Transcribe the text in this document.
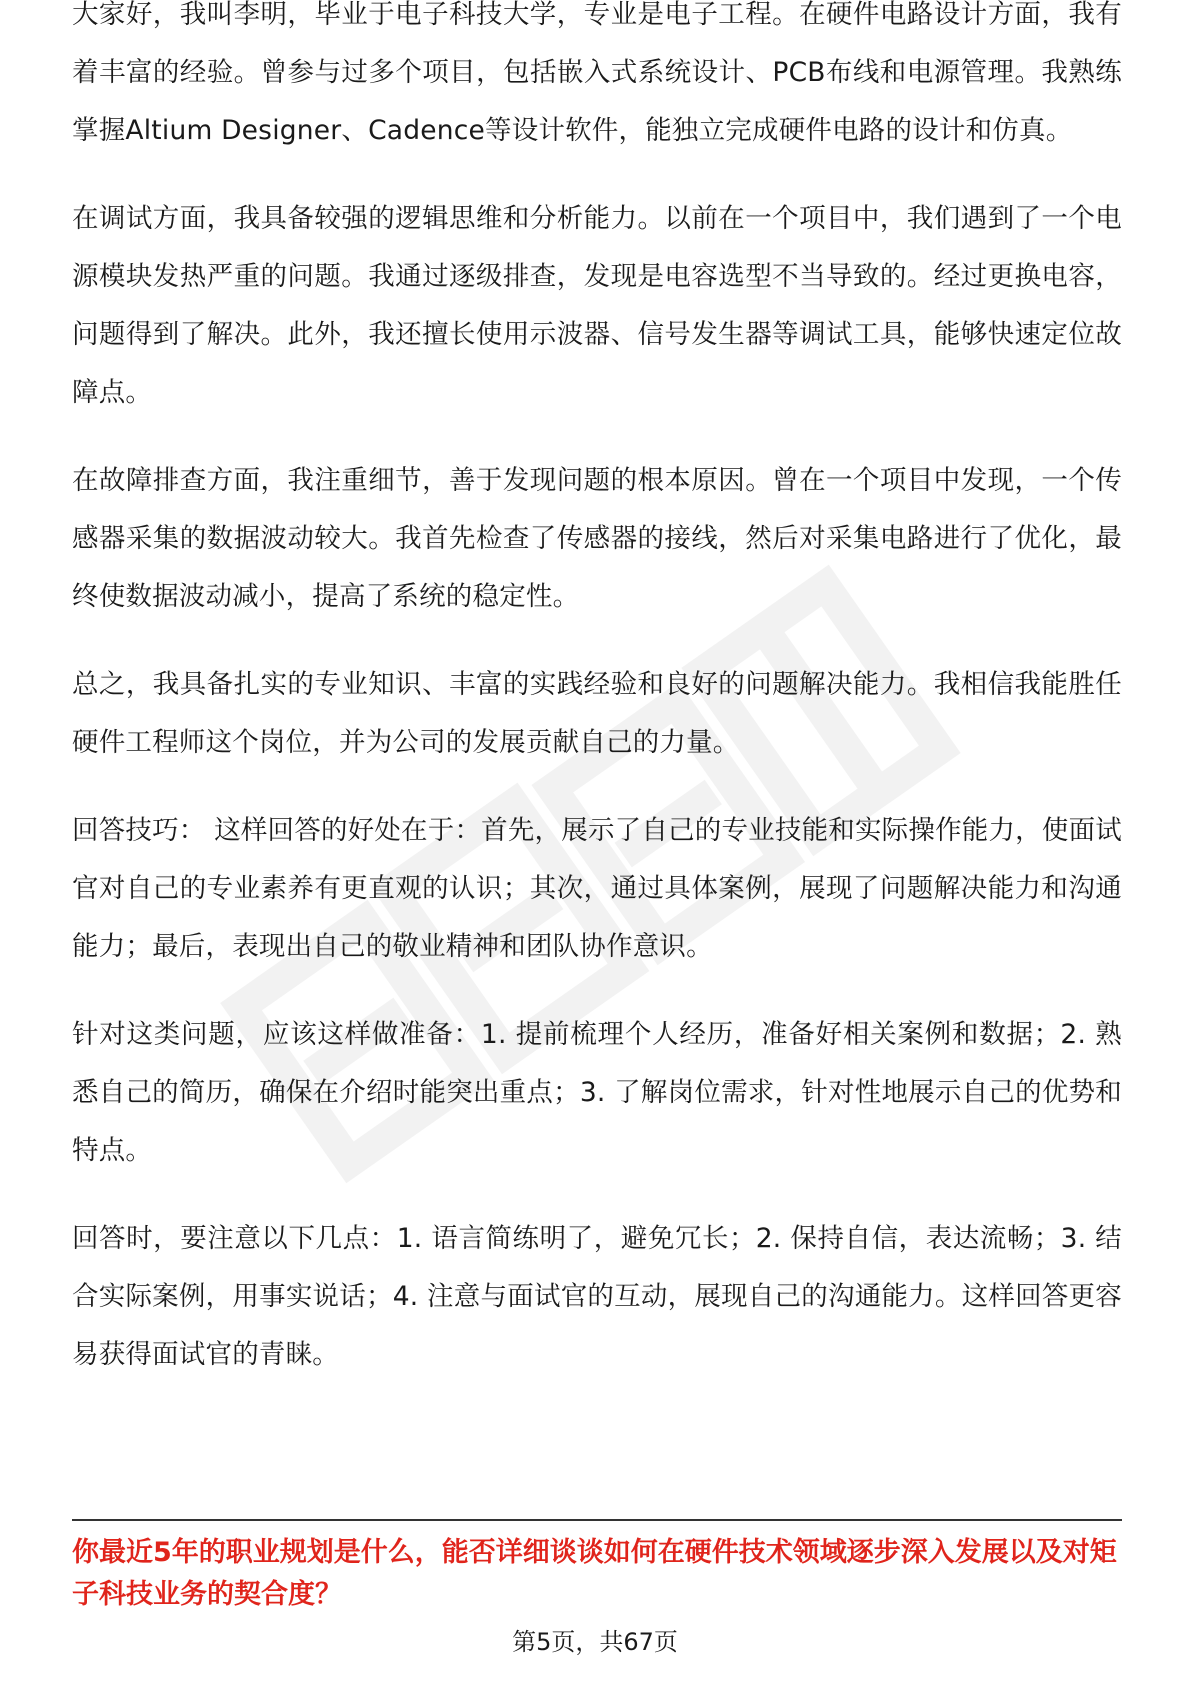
大家好，我叫李明，毕业于电子科技大学，专业是电子工程。在硬件电路设计方面，我有着丰富的经验。曾参与过多个项目，包括嵌入式系统设计、PCB布线和电源管理。我熟练掌握Altium Designer、Cadence等设计软件，能独立完成硬件电路的设计和仿真。

在调试方面，我具备较强的逻辑思维和分析能力。以前在一个项目中，我们遇到了一个电源模块发热严重的问题。我通过逐级排查，发现是电容选型不当导致的。经过更换电容，问题得到了解决。此外，我还擅长使用示波器、信号发生器等调试工具，能够快速定位故障点。

在故障排查方面，我注重细节，善于发现问题的根本原因。曾在一个项目中发现，一个传感器采集的数据波动较大。我首先检查了传感器的接线，然后对采集电路进行了优化，最终使数据波动减小，提高了系统的稳定性。

总之，我具备扎实的专业知识、丰富的实践经验和良好的问题解决能力。我相信我能胜任硬件工程师这个岗位，并为公司的发展贡献自己的力量。

回答技巧： 这样回答的好处在于：首先，展示了自己的专业技能和实际操作能力，使面试官对自己的专业素养有更直观的认识；其次，通过具体案例，展现了问题解决能力和沟通能力；最后，表现出自己的敬业精神和团队协作意识。

针对这类问题，应该这样做准备：1. 提前梳理个人经历，准备好相关案例和数据；2. 熟悉自己的简历，确保在介绍时能突出重点；3. 了解岗位需求，针对性地展示自己的优势和特点。

回答时，要注意以下几点：1. 语言简练明了，避免冗长；2. 保持自信，表达流畅；3. 结合实际案例，用事实说话；4. 注意与面试官的互动，展现自己的沟通能力。这样回答更容易获得面试官的青睐。

你最近5年的职业规划是什么，能否详细谈谈如何在硬件技术领域逐步深入发展以及对矩子科技业务的契合度？

第5页，共67页
